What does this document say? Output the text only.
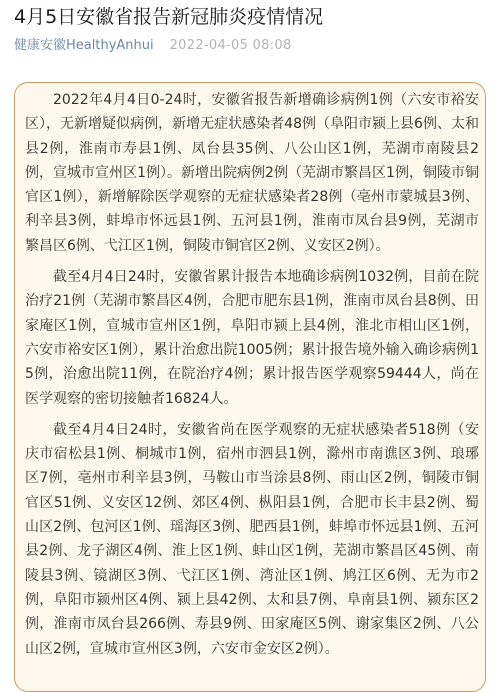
4月5日安徽省报告新冠肺炎疫情情况
健康安徽HealthyAnhui 2022-04-05 08:08

2022年4月4日0-24时，安徽省报告新增确诊病例1例（六安市裕安区），无新增疑似病例，新增无症状感染者48例（阜阳市颍上县6例、太和县2例，淮南市寿县1例、凤台县35例、八公山区1例，芜湖市南陵县2例，宣城市宣州区1例）。新增出院病例2例（芜湖市繁昌区1例，铜陵市铜官区1例），新增解除医学观察的无症状感染者28例（亳州市蒙城县3例、利辛县3例，蚌埠市怀远县1例、五河县1例，淮南市凤台县9例，芜湖市繁昌区6例、弋江区1例，铜陵市铜官区2例、义安区2例）。

截至4月4日24时，安徽省累计报告本地确诊病例1032例，目前在院治疗21例（芜湖市繁昌区4例，合肥市肥东县1例，淮南市凤台县8例、田家庵区1例，宣城市宣州区1例，阜阳市颍上县4例，淮北市相山区1例，六安市裕安区1例），累计治愈出院1005例；累计报告境外输入确诊病例15例，治愈出院11例，在院治疗4例；累计报告医学观察59444人，尚在医学观察的密切接触者16824人。

截至4月4日24时，安徽省尚在医学观察的无症状感染者518例（安庆市宿松县1例、桐城市1例，宿州市泗县1例，滁州市南谯区3例、琅琊区7例，亳州市利辛县3例，马鞍山市当涂县8例、雨山区2例，铜陵市铜官区51例、义安区12例、郊区4例、枞阳县1例，合肥市长丰县2例、蜀山区2例、包河区1例、瑶海区3例、肥西县1例，蚌埠市怀远县1例、五河县2例、龙子湖区4例、淮上区1例、蚌山区1例，芜湖市繁昌区45例、南陵县3例、镜湖区3例、弋江区1例、湾沚区1例、鸠江区6例、无为市2例，阜阳市颍州区4例、颍上县42例、太和县7例、阜南县1例、颍东区2例，淮南市凤台县266例、寿县9例、田家庵区5例、谢家集区2例、八公山区2例，宣城市宣州区3例，六安市金安区2例）。
